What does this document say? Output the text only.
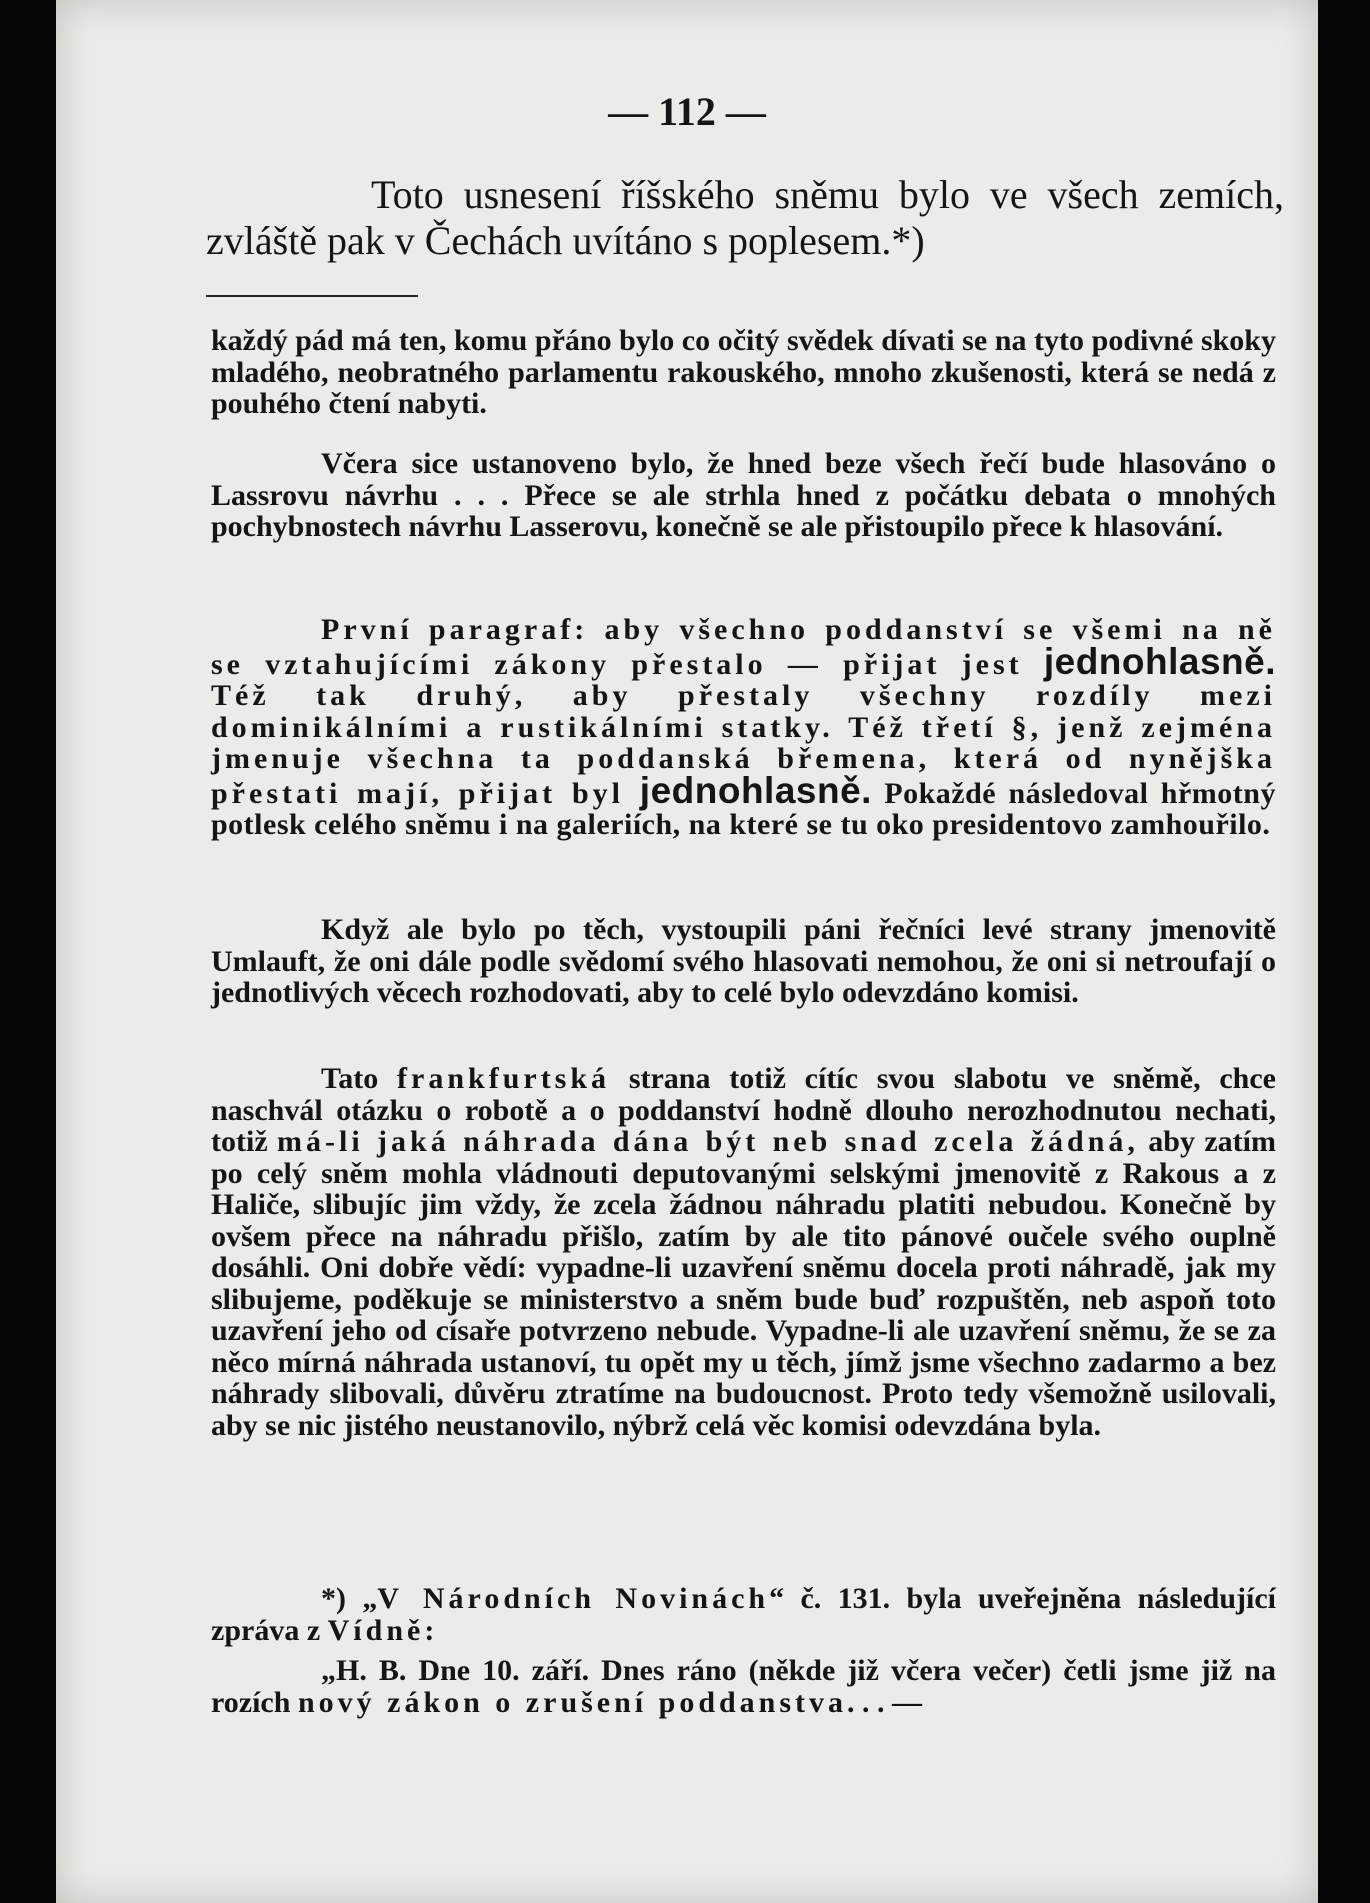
— 112 —
Toto usnesení říšského sněmu bylo ve všech zemích, zvláště pak v Čechách uvítáno s poplesem.*)
každý pád má ten, komu přáno bylo co očitý svědek dívati se na tyto podivné skoky mladého, neobratného parlamentu rakouského, mnoho zkušenosti, která se nedá z pouhého čtení nabyti.
Včera sice ustanoveno bylo, že hned beze všech řečí bude hlasováno o Lassrovu návrhu . . . Přece se ale strhla hned z počátku debata o mnohých pochybnostech návrhu Lasserovu, konečně se ale přistoupilo přece k hlasování.
První paragraf: aby všechno poddanství se všemi na ně se vztahujícími zákony přestalo — přijat jest jednohlasně. Též tak druhý, aby přestaly všechny rozdíly mezi dominikálními a rustikálními statky. Též třetí §, jenž zejména jmenuje všechna ta poddanská břemena, která od nynějška přestati mají, přijat byl jednohlasně. Pokaždé následoval hřmotný potlesk celého sněmu i na galeriích, na které se tu oko presidentovo zamhouřilo.
Když ale bylo po těch, vystoupili páni řečníci levé strany jmenovitě Umlauft, že oni dále podle svědomí svého hlasovati nemohou, že oni si netroufají o jednotlivých věcech rozhodovati, aby to celé bylo odevzdáno komisi.
Tato frankfurtská strana totiž cítíc svou slabotu ve sněmě, chce naschvál otázku o robotě a o poddanství hodně dlouho nerozhodnutou nechati, totiž má-li jaká náhrada dána být neb snad zcela žádná, aby zatím po celý sněm mohla vládnouti deputovanými selskými jmenovitě z Rakous a z Haliče, slibujíc jim vždy, že zcela žádnou náhradu platiti nebudou. Konečně by ovšem přece na náhradu přišlo, zatím by ale tito pánové oučele svého ouplně dosáhli. Oni dobře vědí: vypadne-li uzavření sněmu docela proti náhradě, jak my slibujeme, poděkuje se ministerstvo a sněm bude buď rozpuštěn, neb aspoň toto uzavření jeho od císaře potvrzeno nebude. Vypadne-li ale uzavření sněmu, že se za něco mírná náhrada ustanoví, tu opět my u těch, jímž jsme všechno zadarmo a bez náhrady slibovali, důvěru ztratíme na budoucnost. Proto tedy všemožně usilovali, aby se nic jistého neustanovilo, nýbrž celá věc komisi odevzdána byla.
*) „V Národních Novinách“ č. 131. byla uveřejněna následující zpráva z Vídně:
„H. B. Dne 10. září. Dnes ráno (někde již včera večer) četli jsme již na rozích nový zákon o zrušení poddanstva. . . —
